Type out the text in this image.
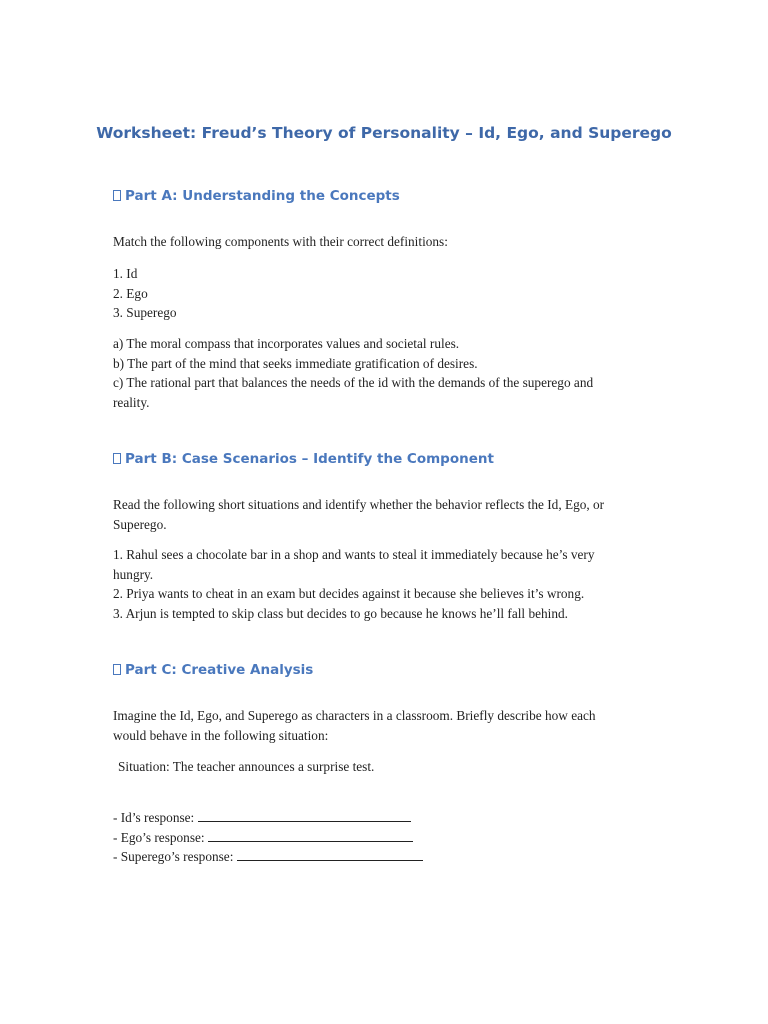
Worksheet: Freud’s Theory of Personality – Id, Ego, and Superego
Part A: Understanding the Concepts
Match the following components with their correct definitions:
1. Id
2. Ego
3. Superego
a) The moral compass that incorporates values and societal rules.
b) The part of the mind that seeks immediate gratification of desires.
c) The rational part that balances the needs of the id with the demands of the superego and
reality.
Part B: Case Scenarios – Identify the Component
Read the following short situations and identify whether the behavior reflects the Id, Ego, or
Superego.
1. Rahul sees a chocolate bar in a shop and wants to steal it immediately because he’s very
hungry.
2. Priya wants to cheat in an exam but decides against it because she believes it’s wrong.
3. Arjun is tempted to skip class but decides to go because he knows he’ll fall behind.
Part C: Creative Analysis
Imagine the Id, Ego, and Superego as characters in a classroom. Briefly describe how each
would behave in the following situation:
Situation: The teacher announces a surprise test.
- Id’s response:
- Ego’s response:
- Superego’s response:
